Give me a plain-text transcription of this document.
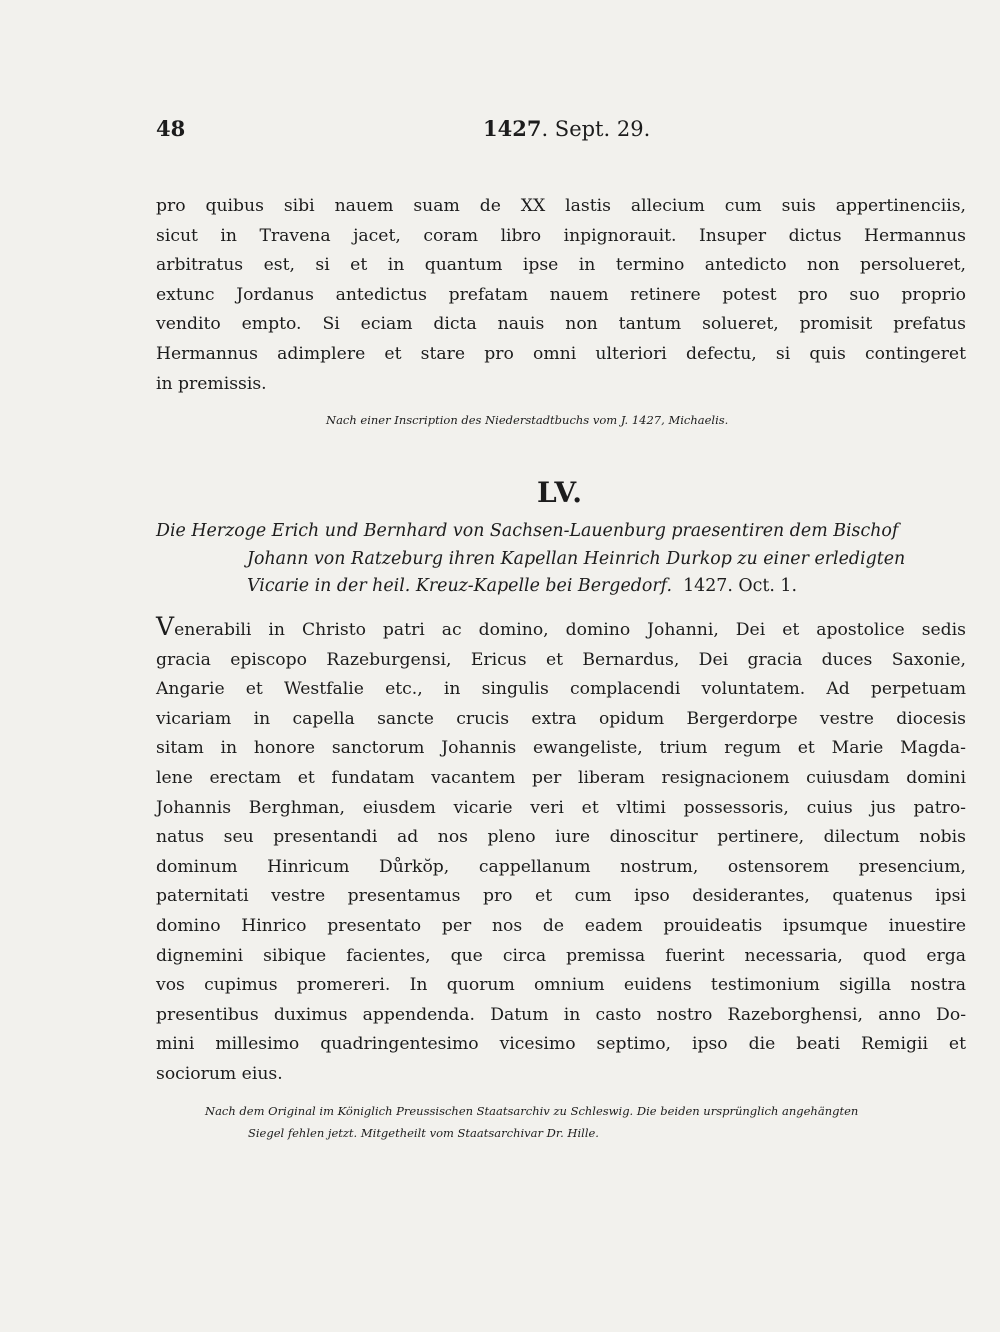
48	1427. Sept. 29.
pro quibus sibi nauem suam de XX lastis allecium cum suis appertinenciis,
sicut in Travena jacet, coram libro inpignorauit. Insuper dictus Hermannus
arbitratus est, si et in quantum ipse in termino antedicto non persolueret,
extunc Jordanus antedictus prefatam nauem retinere potest pro suo proprio
vendito empto. Si eciam dicta nauis non tantum solueret, promisit prefatus
Hermannus adimplere et stare pro omni ulteriori defectu, si quis contingeret
in premissis.
Nach einer Inscription des Niederstadtbuchs vom J. 1427, Michaelis.
LV.
Die Herzoge Erich und Bernhard von Sachsen-Lauenburg praesentiren dem Bischof
Johann von Ratzeburg ihren Kapellan Heinrich Durkop zu einer erledigten
Vicarie in der heil. Kreuz-Kapelle bei Bergedorf. 1427. Oct. 1.
Venerabili in Christo patri ac domino, domino Johanni, Dei et apostolice sedis
gracia episcopo Razeburgensi, Ericus et Bernardus, Dei gracia duces Saxonie,
Angarie et Westfalie etc., in singulis complacendi voluntatem. Ad perpetuam
vicariam in capella sancte crucis extra opidum Bergerdorpe vestre diocesis
sitam in honore sanctorum Johannis ewangeliste, trium regum et Marie Magda-
lene erectam et fundatam vacantem per liberam resignacionem cuiusdam domini
Johannis Berghman, eiusdem vicarie veri et vltimi possessoris, cuius jus patro-
natus seu presentandi ad nos pleno iure dinoscitur pertinere, dilectum nobis
dominum Hinricum Důrkŏp, cappellanum nostrum, ostensorem presencium,
paternitati vestre presentamus pro et cum ipso desiderantes, quatenus ipsi
domino Hinrico presentato per nos de eadem prouideatis ipsumque inuestire
dignemini sibique facientes, que circa premissa fuerint necessaria, quod erga
vos cupimus promereri. In quorum omnium euidens testimonium sigilla nostra
presentibus duximus appendenda. Datum in casto nostro Razeborghensi, anno Do-
mini millesimo quadringentesimo vicesimo septimo, ipso die beati Remigii et
sociorum eius.
Nach dem Original im Königlich Preussischen Staatsarchiv zu Schleswig. Die beiden ursprünglich angehängten
Siegel fehlen jetzt. Mitgetheilt vom Staatsarchivar Dr. Hille.
